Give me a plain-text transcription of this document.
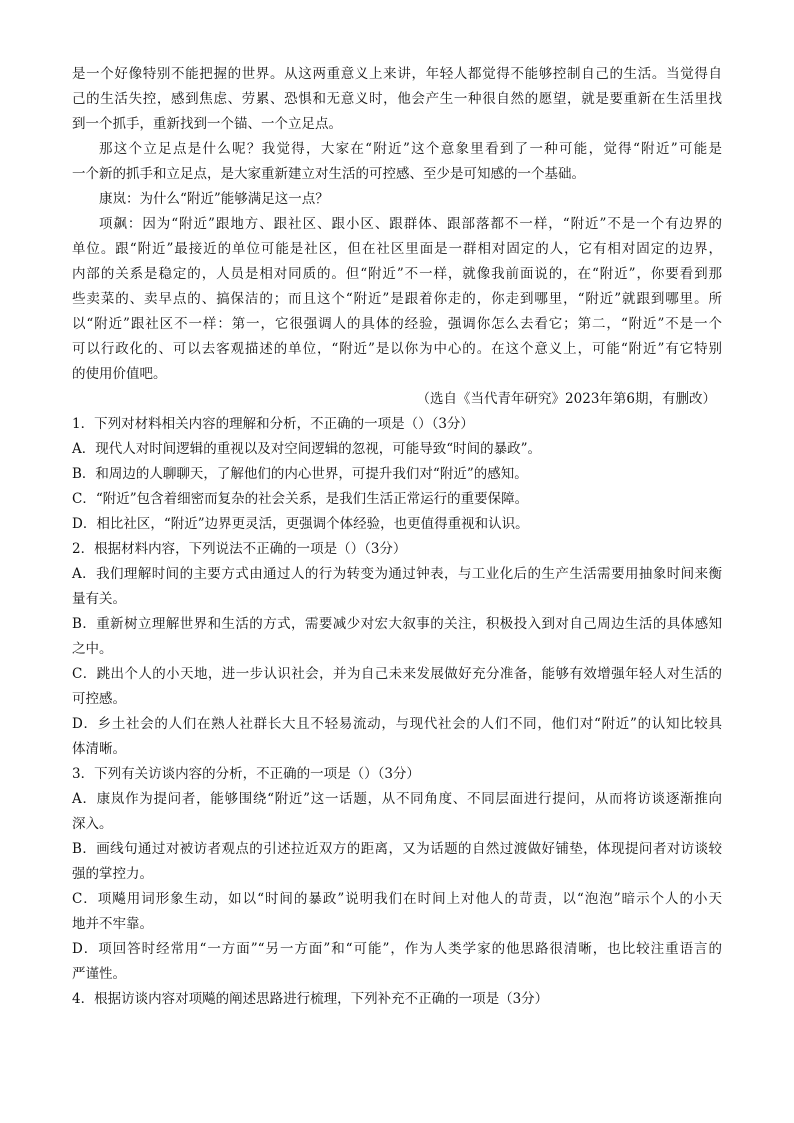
是一个好像特别不能把握的世界。从这两重意义上来讲，年轻人都觉得不能够控制自己的生活。当觉得自
己的生活失控，感到焦虑、劳累、恐惧和无意义时，他会产生一种很自然的愿望，就是要重新在生活里找
到一个抓手，重新找到一个锚、一个立足点。
那这个立足点是什么呢？我觉得，大家在“附近”这个意象里看到了一种可能，觉得“附近”可能是
一个新的抓手和立足点，是大家重新建立对生活的可控感、至少是可知感的一个基础。
康岚：为什么“附近”能够满足这一点？
项飙：因为“附近”跟地方、跟社区、跟小区、跟群体、跟部落都不一样，“附近”不是一个有边界的
单位。跟“附近”最接近的单位可能是社区，但在社区里面是一群相对固定的人，它有相对固定的边界，
内部的关系是稳定的，人员是相对同质的。但“附近”不一样，就像我前面说的，在“附近”，你要看到那
些卖菜的、卖早点的、搞保洁的；而且这个“附近”是跟着你走的，你走到哪里，“附近”就跟到哪里。所
以“附近”跟社区不一样：第一，它很强调人的具体的经验，强调你怎么去看它；第二，“附近”不是一个
可以行政化的、可以去客观描述的单位，“附近”是以你为中心的。在这个意义上，可能“附近”有它特别
的使用价值吧。
（选自《当代青年研究》2023年第6期，有删改）
1．下列对材料相关内容的理解和分析，不正确的一项是（）（3分）
A．现代人对时间逻辑的重视以及对空间逻辑的忽视，可能导致“时间的暴政”。
B．和周边的人聊聊天，了解他们的内心世界，可提升我们对“附近”的感知。
C．“附近”包含着细密而复杂的社会关系，是我们生活正常运行的重要保障。
D．相比社区，“附近”边界更灵活，更强调个体经验，也更值得重视和认识。
2．根据材料内容，下列说法不正确的一项是（）（3分）
A．我们理解时间的主要方式由通过人的行为转变为通过钟表，与工业化后的生产生活需要用抽象时间来衡
量有关。
B．重新树立理解世界和生活的方式，需要减少对宏大叙事的关注，积极投入到对自己周边生活的具体感知
之中。
C．跳出个人的小天地，进一步认识社会，并为自己未来发展做好充分准备，能够有效增强年轻人对生活的
可控感。
D．乡土社会的人们在熟人社群长大且不轻易流动，与现代社会的人们不同，他们对“附近”的认知比较具
体清晰。
3．下列有关访谈内容的分析，不正确的一项是（）（3分）
A．康岚作为提问者，能够围绕“附近”这一话题，从不同角度、不同层面进行提问，从而将访谈逐渐推向
深入。
B．画线句通过对被访者观点的引述拉近双方的距离，又为话题的自然过渡做好铺垫，体现提问者对访谈较
强的掌控力。
C．项飚用词形象生动，如以“时间的暴政”说明我们在时间上对他人的苛责，以“泡泡”暗示个人的小天
地并不牢靠。
D．项回答时经常用“一方面”“另一方面”和“可能”，作为人类学家的他思路很清晰，也比较注重语言的
严谨性。
4．根据访谈内容对项飚的阐述思路进行梳理，下列补充不正确的一项是（3分）
